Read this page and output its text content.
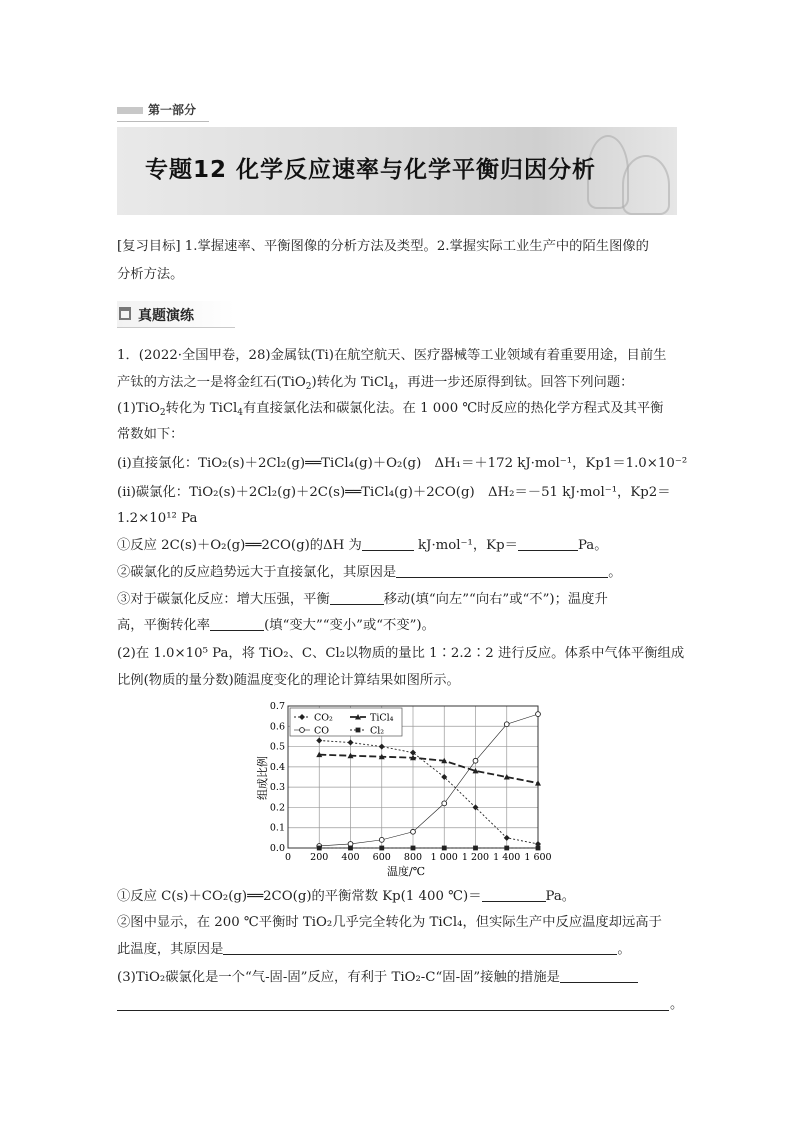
第一部分
专题12 化学反应速率与化学平衡归因分析
[复习目标] 1.掌握速率、平衡图像的分析方法及类型。2.掌握实际工业生产中的陌生图像的
分析方法。
真题演练
1．(2022·全国甲卷，28)金属钛(Ti)在航空航天、医疗器械等工业领域有着重要用途，目前生
产钛的方法之一是将金红石(TiO$_2$)转化为 TiCl$_4$，再进一步还原得到钛。回答下列问题：
(1)TiO$_2$转化为 TiCl$_4$有直接氯化法和碳氯化法。在 1 000 ℃时反应的热化学方程式及其平衡
常数如下：
(ⅰ)直接氯化：TiO₂(s)＋2Cl₂(g)══TiCl₄(g)＋O₂(g)　ΔH₁＝＋172 kJ·mol⁻¹，Kp1＝1.0×10⁻²
(ⅱ)碳氯化：TiO₂(s)＋2Cl₂(g)＋2C(s)══TiCl₄(g)＋2CO(g)　ΔH₂＝－51 kJ·mol⁻¹，Kp2＝
1.2×10¹² Pa
①反应 2C(s)＋O₂(g)══2CO(g)的ΔH 为	kJ·mol⁻¹，Kp＝	Pa。
②碳氯化的反应趋势远大于直接氯化，其原因是	。
③对于碳氯化反应：增大压强，平衡	移动(填“向左”“向右”或“不”)；温度升
高，平衡转化率	(填“变大”“变小”或“不变”)。
(2)在 1.0×10⁵ Pa，将 TiO₂、C、Cl₂以物质的量比 1∶2.2∶2 进行反应。体系中气体平衡组成
比例(物质的量分数)随温度变化的理论计算结果如图所示。
组成比例
温度/℃
0 200 400 600 800 1 000 1 200 1 400 1 600
0.0
0.1
0.2
0.3
0.4
0.5
0.6
0.7
CO₂	TiCl₄
CO	Cl₂
①反应 C(s)＋CO₂(g)══2CO(g)的平衡常数 Kp(1 400 ℃)＝	Pa。
②图中显示，在 200 ℃平衡时 TiO₂几乎完全转化为 TiCl₄，但实际生产中反应温度却远高于
此温度，其原因是	。
(3)TiO₂碳氯化是一个“气-固-固”反应，有利于 TiO₂-C“固-固”接触的措施是
。
